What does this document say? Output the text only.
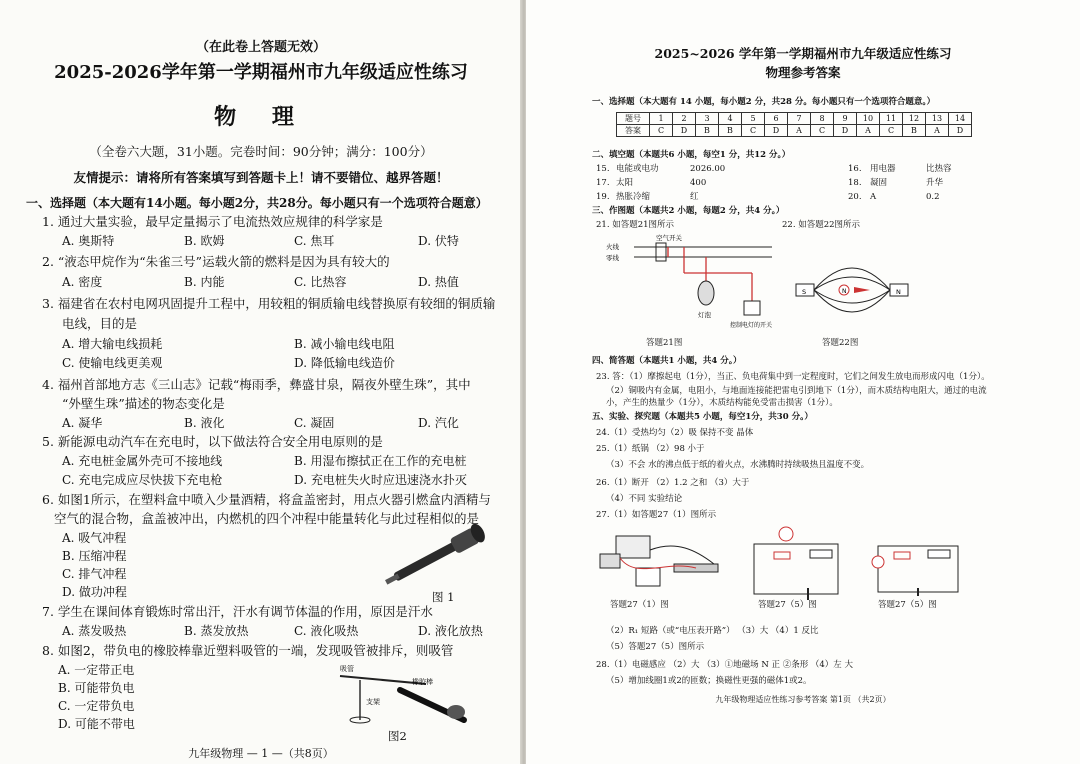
（在此卷上答题无效）
2025-2026学年第一学期福州市九年级适应性练习
物 理
（全卷六大题，31小题。完卷时间：90分钟；满分：100分）
友情提示：请将所有答案填写到答题卡上！请不要错位、越界答题！
一、选择题（本大题有14小题。每小题2分，共28分。每小题只有一个选项符合题意）
1. 通过大量实验，最早定量揭示了电流热效应规律的科学家是
A. 奥斯特	B. 欧姆	C. 焦耳	D. 伏特
2. “液态甲烷作为“朱雀三号”运载火箭的燃料是因为具有较大的
A. 密度	B. 内能	C. 比热容	D. 热值
3. 福建省在农村电网巩固提升工程中，用较粗的铜质输电线替换原有较细的铜质输
电线，目的是
A. 增大输电线损耗	B. 减小输电线电阻
C. 使输电线更美观	D. 降低输电线造价
4. 福州首部地方志《三山志》记载“梅雨季，彝盛甘泉，隔夜外壁生珠”，其中
“外壁生珠”描述的物态变化是
A. 凝华	B. 液化	C. 凝固	D. 汽化
5. 新能源电动汽车在充电时，以下做法符合安全用电原则的是
A. 充电桩金属外壳可不接地线	B. 用湿布擦拭正在工作的充电桩
C. 充电完成应尽快拔下充电枪	D. 充电桩失火时应迅速浇水扑灭
6. 如图1所示，在塑料盒中喷入少量酒精，将盒盖密封，用点火器引燃盒内酒精与
空气的混合物，盒盖被冲出，内燃机的四个冲程中能量转化与此过程相似的是
A. 吸气冲程
B. 压缩冲程
C. 排气冲程
D. 做功冲程	图 1
7. 学生在课间体育锻炼时常出汗，汗水有调节体温的作用，原因是汗水
A. 蒸发吸热	B. 蒸发放热	C. 液化吸热	D. 液化放热
8. 如图2，带负电的橡胶棒靠近塑料吸管的一端，发现吸管被排斥，则吸管
A. 一定带正电
B. 可能带负电
C. 一定带负电
D. 可能不带电
吸管
橡胶棒
支架
图2
九年级物理 — 1 —（共8页）
2025~2026 学年第一学期福州市九年级适应性练习
物理参考答案
一、选择题（本大题有 14 小题，每小题2 分，共28 分。每小题只有一个选项符合题意。）
题号	1	2	3	4	5	6	7	8	9	10	11	12	13	14
答案	C	D	B	B	C	D	A	C	D	A	C	B	A	D
二、填空题（本题共6 小题，每空1 分，共12 分。）
15. 电能或电功	2026.00	16. 用电器	比热容
17. 太阳	400	18. 凝固	升华
19. 热胀冷缩	红	20. A	0.2
三、作图题（本题共2 小题，每题2 分，共4 分。）
21. 如答题21图所示	22. 如答题22图所示
空气开关
火线
零线
灯泡
控制电灯的开关
答题21图
S	N	N
答题22图
四、简答题（本题共1 小题，共4 分。）
23. 答：（1）摩擦起电（1分），当正、负电荷集中到一定程度时，它们之间发生放电而形成闪电（1分）。
（2）铜吸内有金属，电阻小，与地面连接能把雷电引到地下（1分），而木质结构电阻大，通过的电流
小，产生的热量少（1分），木质结构能免受雷击损害（1分）。
五、实验、探究题（本题共5 小题，每空1分，共30 分。）
24.（1）受热均匀（2）吸 保持不变 晶体
25.（1）纸锅 （2）98 小于
（3）不会 水的沸点低于纸的着火点，水沸腾时持续吸热且温度不变。
26.（1）断开 （2）1.2 之和 （3）大于
（4）不同 实验结论
27.（1）如答题27（1）图所示
答题27（1）图	答题27（5）图	答题27（5）图
（2）R₁ 短路（或“电压表开路”） （3）大 （4）1 反比
（5）答题27（5）图所示
28.（1）电磁感应 （2）大 （3）①地磁场 N 正 ②条形 （4）左 大
（5）增加线圈1或2的匝数；换磁性更强的磁体1或2。
九年级物理适应性练习参考答案 第1页 （共2页）
